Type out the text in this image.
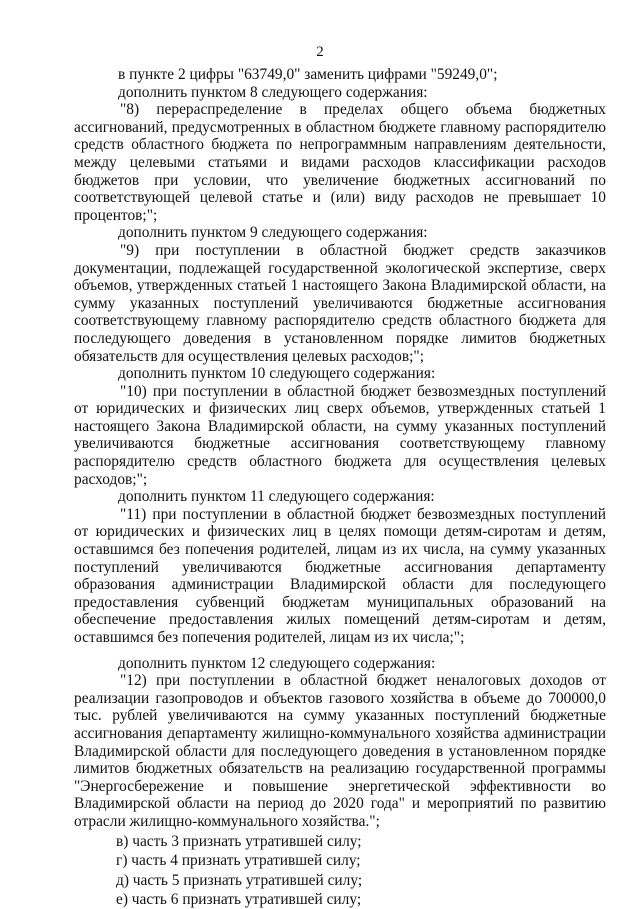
2

в пункте 2 цифры "63749,0" заменить цифрами "59249,0";

дополнить пунктом 8 следующего содержания:

"8) перераспределение в пределах общего объема бюджетных ассигнований, предусмотренных в областном бюджете главному распорядителю средств областного бюджета по непрограммным направлениям деятельности, между целевыми статьями и видами расходов классификации расходов бюджетов при условии, что увеличение бюджетных ассигнований по соответствующей целевой статье и (или) виду расходов не превышает 10 процентов;";

дополнить пунктом 9 следующего содержания:

"9) при поступлении в областной бюджет средств заказчиков документации, подлежащей государственной экологической экспертизе, сверх объемов, утвержденных статьей 1 настоящего Закона Владимирской области, на сумму указанных поступлений увеличиваются бюджетные ассигнования соответствующему главному распорядителю средств областного бюджета для последующего доведения в установленном порядке лимитов бюджетных обязательств для осуществления целевых расходов;";

дополнить пунктом 10 следующего содержания:

"10) при поступлении в областной бюджет безвозмездных поступлений от юридических и физических лиц сверх объемов, утвержденных статьей 1 настоящего Закона Владимирской области, на сумму указанных поступлений увеличиваются бюджетные ассигнования соответствующему главному распорядителю средств областного бюджета для осуществления целевых расходов;";

дополнить пунктом 11 следующего содержания:

"11) при поступлении в областной бюджет безвозмездных поступлений от юридических и физических лиц в целях помощи детям-сиротам и детям, оставшимся без попечения родителей, лицам из их числа, на сумму указанных поступлений увеличиваются бюджетные ассигнования департаменту образования администрации Владимирской области для последующего предоставления субвенций бюджетам муниципальных образований на обеспечение предоставления жилых помещений детям-сиротам и детям, оставшимся без попечения родителей, лицам из их числа;";

дополнить пунктом 12 следующего содержания:

"12) при поступлении в областной бюджет неналоговых доходов от реализации газопроводов и объектов газового хозяйства в объеме до 700000,0 тыс. рублей увеличиваются на сумму указанных поступлений бюджетные ассигнования департаменту жилищно-коммунального хозяйства администрации Владимирской области для последующего доведения в установленном порядке лимитов бюджетных обязательств на реализацию государственной программы "Энергосбережение и повышение энергетической эффективности во Владимирской области на период до 2020 года" и мероприятий по развитию отрасли жилищно-коммунального хозяйства.";

в) часть 3 признать утратившей силу;

г) часть 4 признать утратившей силу;

д) часть 5 признать утратившей силу;

е) часть 6 признать утратившей силу;
